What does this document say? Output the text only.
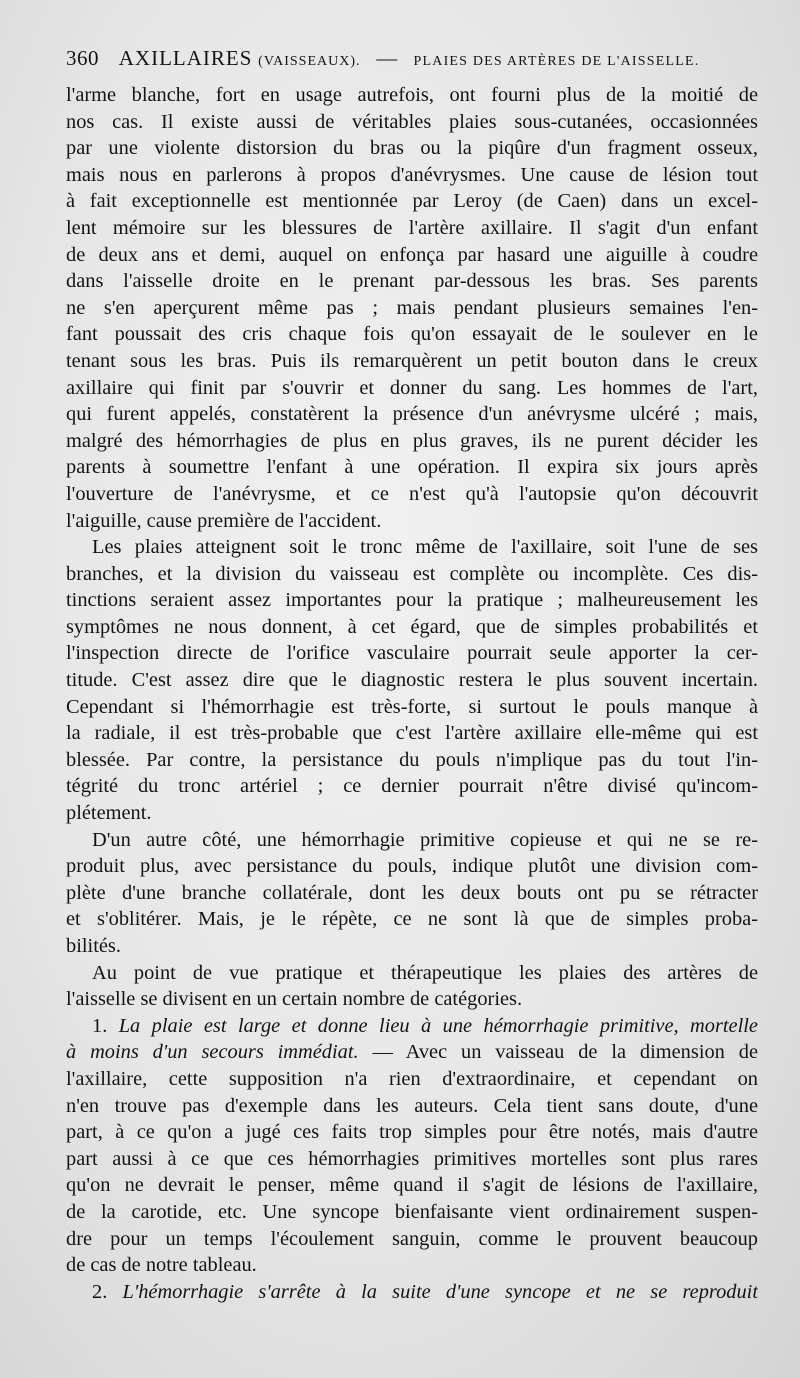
360 AXILLAIRES (VAISSEAUX). — PLAIES DES ARTÈRES DE L'AISSELLE.
l'arme blanche, fort en usage autrefois, ont fourni plus de la moitié de
nos cas. Il existe aussi de véritables plaies sous-cutanées, occasionnées
par une violente distorsion du bras ou la piqûre d'un fragment osseux,
mais nous en parlerons à propos d'anévrysmes. Une cause de lésion tout
à fait exceptionnelle est mentionnée par Leroy (de Caen) dans un excel-
lent mémoire sur les blessures de l'artère axillaire. Il s'agit d'un enfant
de deux ans et demi, auquel on enfonça par hasard une aiguille à coudre
dans l'aisselle droite en le prenant par-dessous les bras. Ses parents
ne s'en aperçurent même pas ; mais pendant plusieurs semaines l'en-
fant poussait des cris chaque fois qu'on essayait de le soulever en le
tenant sous les bras. Puis ils remarquèrent un petit bouton dans le creux
axillaire qui finit par s'ouvrir et donner du sang. Les hommes de l'art,
qui furent appelés, constatèrent la présence d'un anévrysme ulcéré ; mais,
malgré des hémorrhagies de plus en plus graves, ils ne purent décider les
parents à soumettre l'enfant à une opération. Il expira six jours après
l'ouverture de l'anévrysme, et ce n'est qu'à l'autopsie qu'on découvrit
l'aiguille, cause première de l'accident.
Les plaies atteignent soit le tronc même de l'axillaire, soit l'une de ses
branches, et la division du vaisseau est complète ou incomplète. Ces dis-
tinctions seraient assez importantes pour la pratique ; malheureusement les
symptômes ne nous donnent, à cet égard, que de simples probabilités et
l'inspection directe de l'orifice vasculaire pourrait seule apporter la cer-
titude. C'est assez dire que le diagnostic restera le plus souvent incertain.
Cependant si l'hémorrhagie est très-forte, si surtout le pouls manque à
la radiale, il est très-probable que c'est l'artère axillaire elle-même qui est
blessée. Par contre, la persistance du pouls n'implique pas du tout l'in-
tégrité du tronc artériel ; ce dernier pourrait n'être divisé qu'incom-
plétement.
D'un autre côté, une hémorrhagie primitive copieuse et qui ne se re-
produit plus, avec persistance du pouls, indique plutôt une division com-
plète d'une branche collatérale, dont les deux bouts ont pu se rétracter
et s'oblitérer. Mais, je le répète, ce ne sont là que de simples proba-
bilités.
Au point de vue pratique et thérapeutique les plaies des artères de
l'aisselle se divisent en un certain nombre de catégories.
1. La plaie est large et donne lieu à une hémorrhagie primitive, mortelle
à moins d'un secours immédiat. — Avec un vaisseau de la dimension de
l'axillaire, cette supposition n'a rien d'extraordinaire, et cependant on
n'en trouve pas d'exemple dans les auteurs. Cela tient sans doute, d'une
part, à ce qu'on a jugé ces faits trop simples pour être notés, mais d'autre
part aussi à ce que ces hémorrhagies primitives mortelles sont plus rares
qu'on ne devrait le penser, même quand il s'agit de lésions de l'axillaire,
de la carotide, etc. Une syncope bienfaisante vient ordinairement suspen-
dre pour un temps l'écoulement sanguin, comme le prouvent beaucoup
de cas de notre tableau.
2. L'hémorrhagie s'arrête à la suite d'une syncope et ne se reproduit
